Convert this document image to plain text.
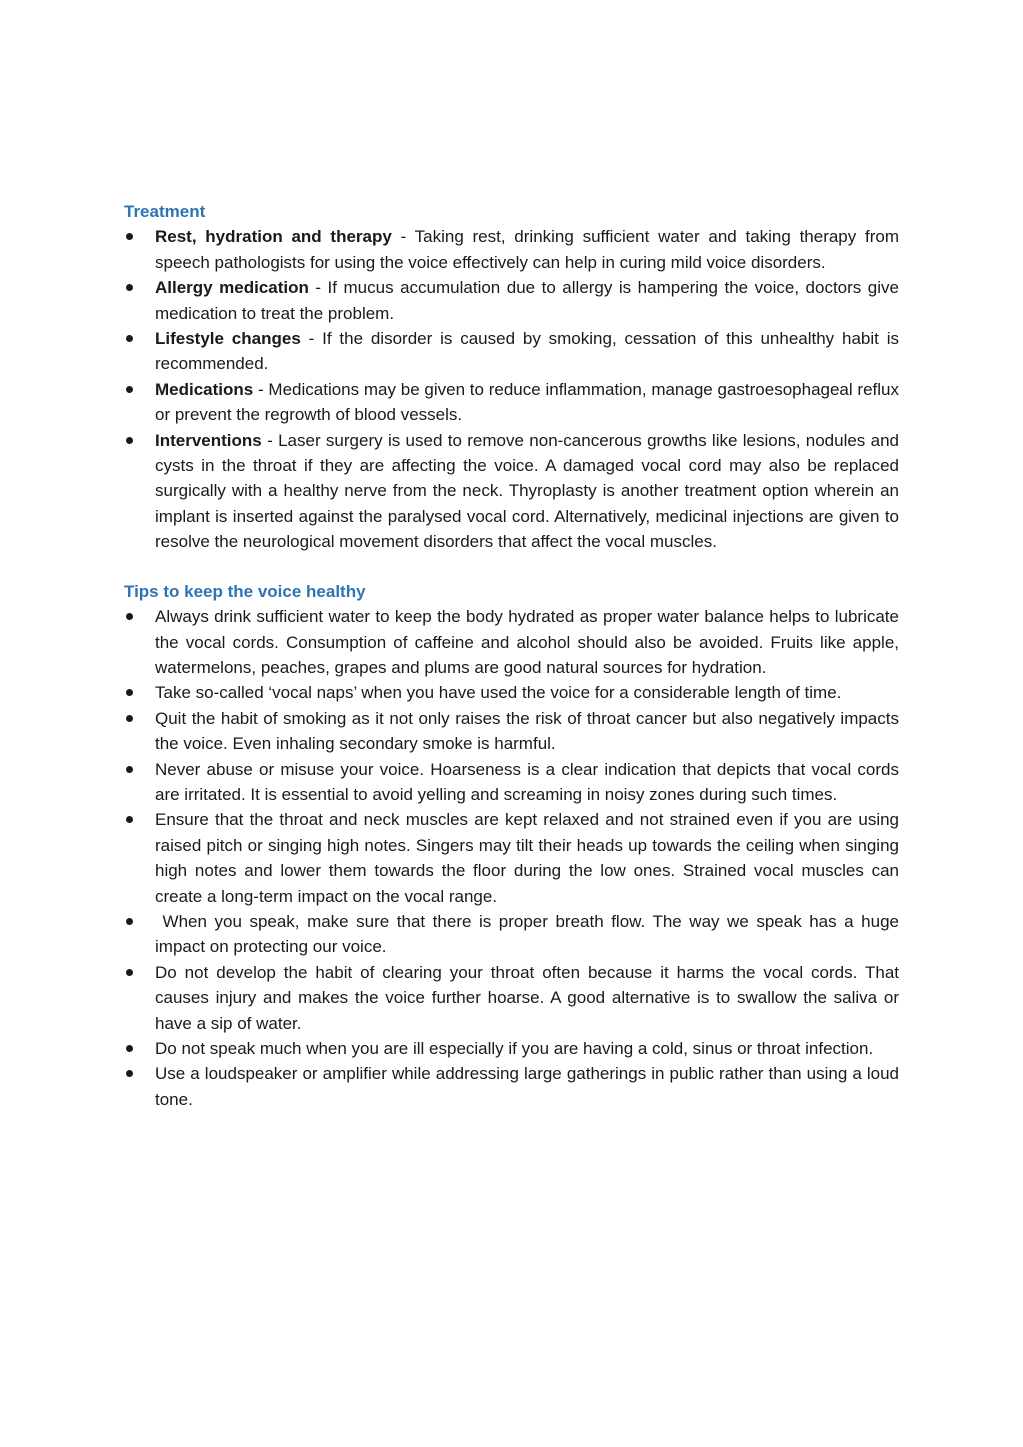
Treatment
Rest, hydration and therapy - Taking rest, drinking sufficient water and taking therapy from speech pathologists for using the voice effectively can help in curing mild voice disorders.
Allergy medication - If mucus accumulation due to allergy is hampering the voice, doctors give medication to treat the problem.
Lifestyle changes - If the disorder is caused by smoking, cessation of this unhealthy habit is recommended.
Medications - Medications may be given to reduce inflammation, manage gastroesophageal reflux or prevent the regrowth of blood vessels.
Interventions - Laser surgery is used to remove non-cancerous growths like lesions, nodules and cysts in the throat if they are affecting the voice. A damaged vocal cord may also be replaced surgically with a healthy nerve from the neck. Thyroplasty is another treatment option wherein an implant is inserted against the paralysed vocal cord. Alternatively, medicinal injections are given to resolve the neurological movement disorders that affect the vocal muscles.
Tips to keep the voice healthy
Always drink sufficient water to keep the body hydrated as proper water balance helps to lubricate the vocal cords. Consumption of caffeine and alcohol should also be avoided. Fruits like apple, watermelons, peaches, grapes and plums are good natural sources for hydration.
Take so-called ‘vocal naps’ when you have used the voice for a considerable length of time.
Quit the habit of smoking as it not only raises the risk of throat cancer but also negatively impacts the voice. Even inhaling secondary smoke is harmful.
Never abuse or misuse your voice. Hoarseness is a clear indication that depicts that vocal cords are irritated. It is essential to avoid yelling and screaming in noisy zones during such times.
Ensure that the throat and neck muscles are kept relaxed and not strained even if you are using raised pitch or singing high notes. Singers may tilt their heads up towards the ceiling when singing high notes and lower them towards the floor during the low ones. Strained vocal muscles can create a long-term impact on the vocal range.
When you speak, make sure that there is proper breath flow. The way we speak has a huge impact on protecting our voice.
Do not develop the habit of clearing your throat often because it harms the vocal cords. That causes injury and makes the voice further hoarse. A good alternative is to swallow the saliva or have a sip of water.
Do not speak much when you are ill especially if you are having a cold, sinus or throat infection.
Use a loudspeaker or amplifier while addressing large gatherings in public rather than using a loud tone.
